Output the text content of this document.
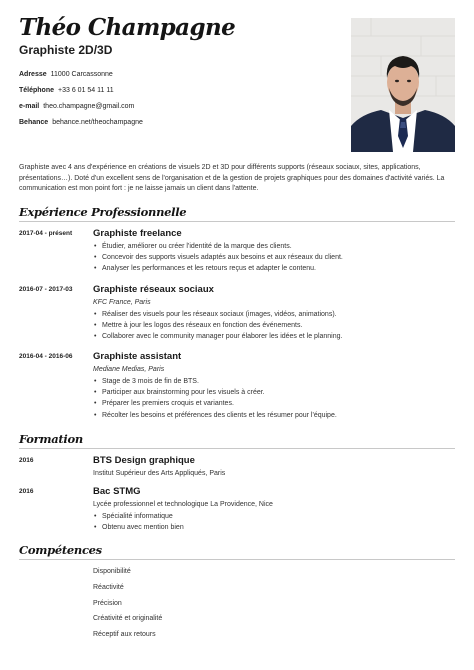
Théo Champagne
Graphiste 2D/3D
Adresse 11000 Carcassonne
Téléphone +33 6 01 54 11 11
e-mail theo.champagne@gmail.com
Behance behance.net/theochampagne
Graphiste avec 4 ans d'expérience en créations de visuels 2D et 3D pour différents supports (réseaux sociaux, sites, applications, présentations…). Doté d'un excellent sens de l'organisation et de la gestion de projets graphiques pour des domaines d'activité variés. La communication est mon point fort : je ne laisse jamais un client dans l'attente.
Expérience Professionnelle
2017-04 - présent Graphiste freelance
• Étudier, améliorer ou créer l'identité de la marque des clients.
• Concevoir des supports visuels adaptés aux besoins et aux réseaux du client.
• Analyser les performances et les retours reçus et adapter le contenu.
2016-07 - 2017-03 Graphiste réseaux sociaux
KFC France, Paris
• Réaliser des visuels pour les réseaux sociaux (images, vidéos, animations).
• Mettre à jour les logos des réseaux en fonction des événements.
• Collaborer avec le community manager pour élaborer les idées et le planning.
2016-04 - 2016-06 Graphiste assistant
Mediane Medias, Paris
• Stage de 3 mois de fin de BTS.
• Participer aux brainstorming pour les visuels à créer.
• Préparer les premiers croquis et variantes.
• Récolter les besoins et préférences des clients et les résumer pour l'équipe.
Formation
2016	BTS Design graphique
Institut Supérieur des Arts Appliqués, Paris
2016	Bac STMG
Lycée professionnel et technologique La Providence, Nice
• Spécialité informatique
• Obtenu avec mention bien
Compétences
Disponibilité
Réactivité
Précision
Créativité et originalité
Réceptif aux retours
